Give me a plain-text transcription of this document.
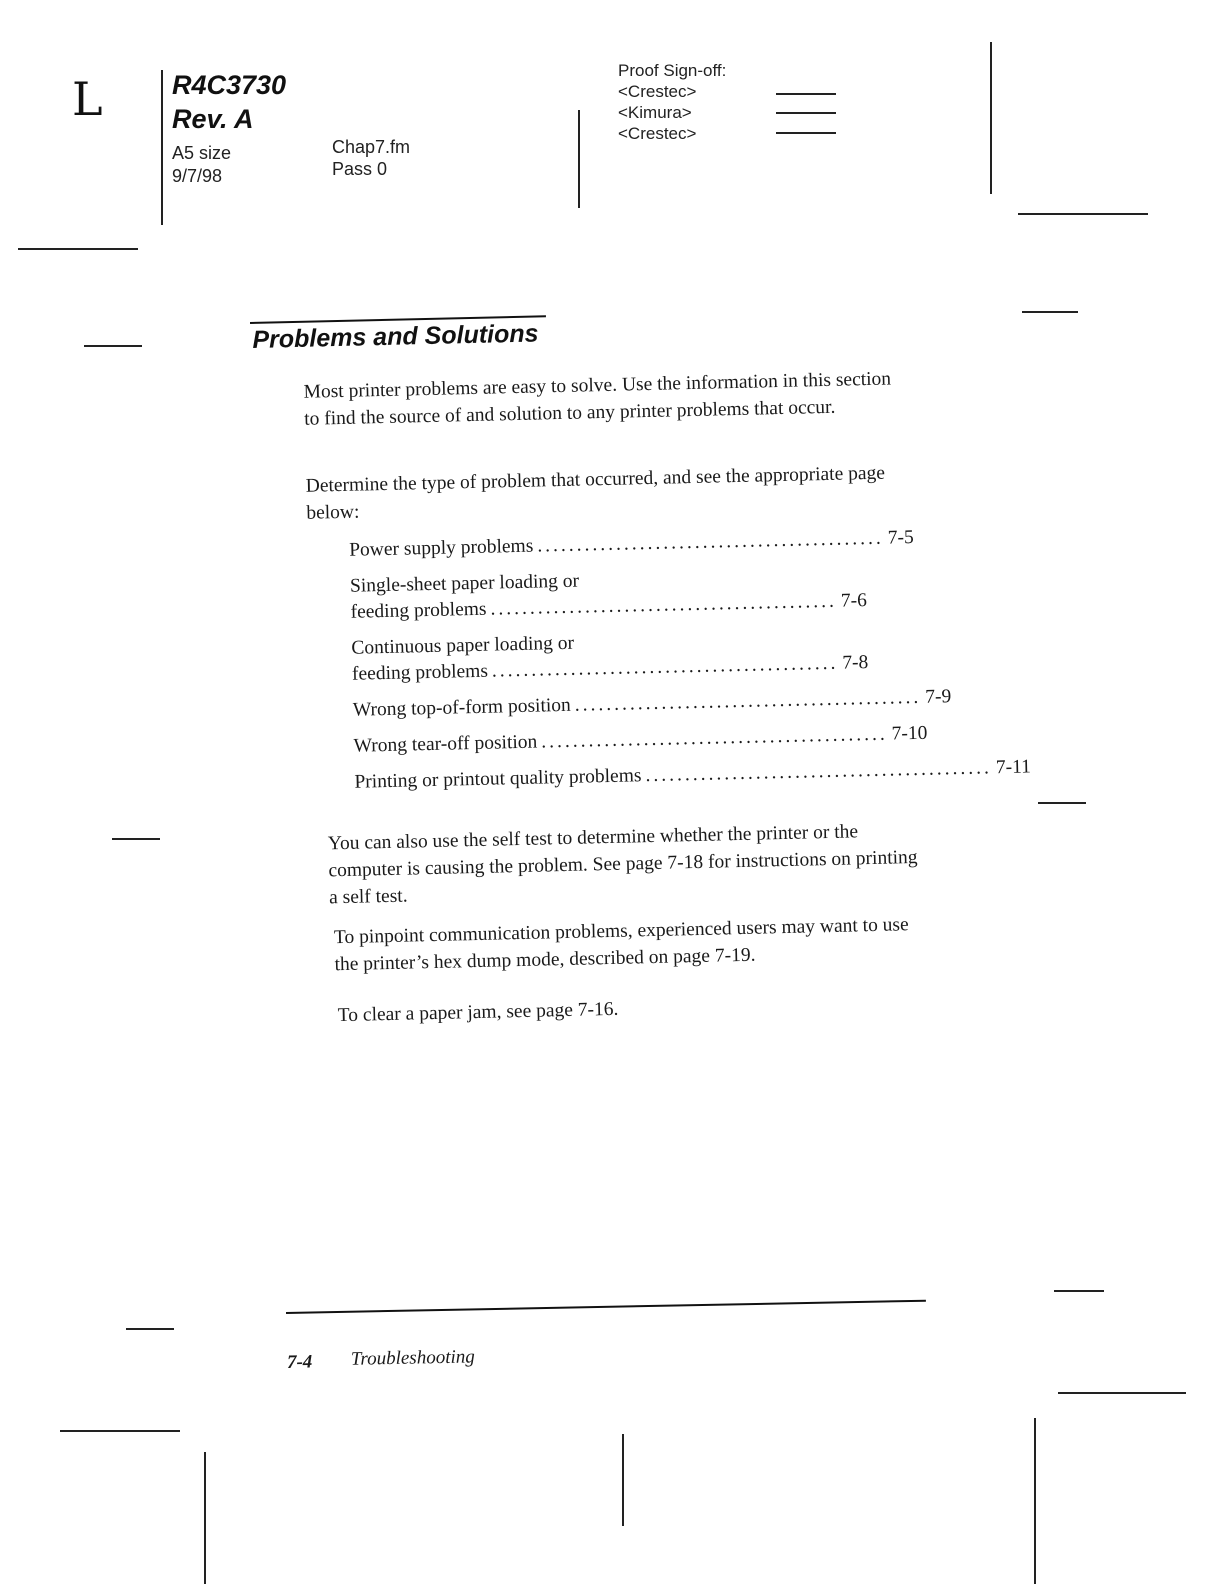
L	R4C3730
Rev. A
A5 size
9/7/98
Chap7.fm
Pass 0
Proof Sign-off:
<Crestec>
<Kimura>
<Crestec>
Problems and Solutions
Most printer problems are easy to solve. Use the information in this section to find the source of and solution to any printer problems that occur.
Determine the type of problem that occurred, and see the appropriate page below:
Power supply problems ............................................ 7-5
Single-sheet paper loading or
feeding problems ............................................ 7-6
Continuous paper loading or
feeding problems ............................................ 7-8
Wrong top-of-form position ............................................ 7-9
Wrong tear-off position ............................................ 7-10
Printing or printout quality problems ............................................ 7-11
You can also use the self test to determine whether the printer or the computer is causing the problem. See page 7-18 for instructions on printing a self test.
To pinpoint communication problems, experienced users may want to use the printer’s hex dump mode, described on page 7-19.
To clear a paper jam, see page 7-16.
7-4 Troubleshooting
